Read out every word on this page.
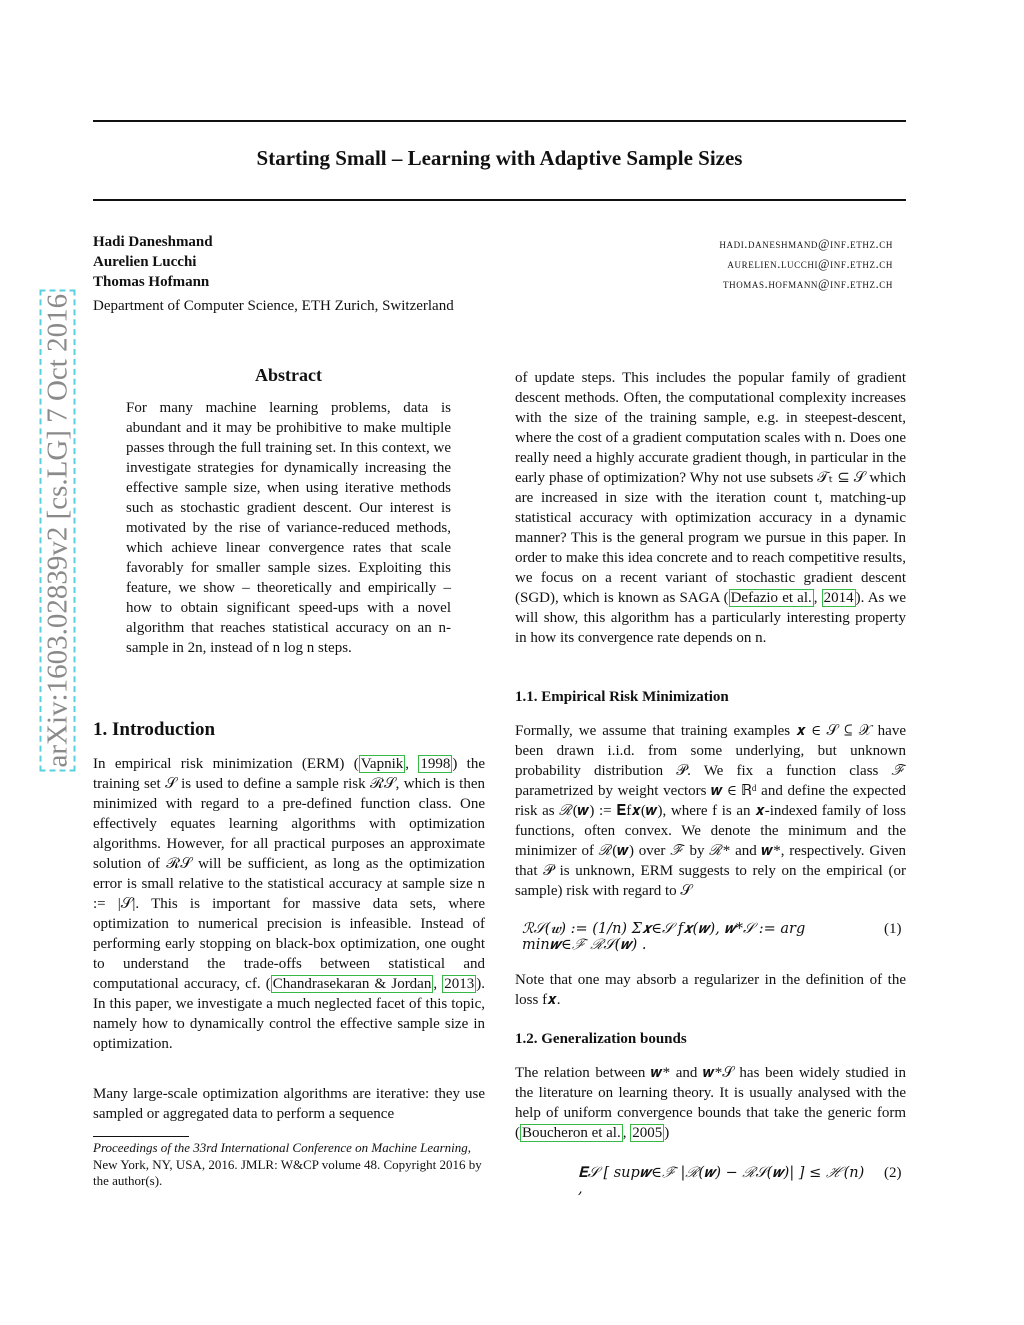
Starting Small – Learning with Adaptive Sample Sizes
Hadi Daneshmand	hadi.daneshmand@inf.ethz.ch
Aurelien Lucchi	aurelien.lucchi@inf.ethz.ch
Thomas Hofmann	thomas.hofmann@inf.ethz.ch
Department of Computer Science, ETH Zurich, Switzerland
arXiv:1603.02839v2 [cs.LG] 7 Oct 2016	Abstract
For many machine learning problems, data is abundant and it may be prohibitive to make multiple passes through the full training set. In this context, we investigate strategies for dynamically increasing the effective sample size, when using iterative methods such as stochastic gradient descent. Our interest is motivated by the rise of variance-reduced methods, which achieve linear convergence rates that scale favorably for smaller sample sizes. Exploiting this feature, we show – theoretically and empirically – how to obtain significant speed-ups with a novel algorithm that reaches statistical accuracy on an n-sample in 2n, instead of n log n steps.
1. Introduction
In empirical risk minimization (ERM) ( Vapnik , 1998 ) the training set 𝒮 is used to define a sample risk ℛ𝒮, which is then minimized with regard to a pre-defined function class. One effectively equates learning algorithms with optimization algorithms. However, for all practical purposes an approximate solution of ℛ𝒮 will be sufficient, as long as the optimization error is small relative to the statistical accuracy at sample size n := |𝒮|. This is important for massive data sets, where optimization to numerical precision is infeasible. Instead of performing early stopping on black-box optimization, one ought to understand the trade-offs between statistical and computational accuracy, cf. ( Chandrasekaran & Jordan , 2013 ). In this paper, we investigate a much neglected facet of this topic, namely how to dynamically control the effective sample size in optimization.
Many large-scale optimization algorithms are iterative: they use sampled or aggregated data to perform a sequence
Proceedings of the 33rd International Conference on Machine Learning, New York, NY, USA, 2016. JMLR: W&CP volume 48. Copyright 2016 by the author(s).
of update steps. This includes the popular family of gradient descent methods. Often, the computational complexity increases with the size of the training sample, e.g. in steepest-descent, where the cost of a gradient computation scales with n. Does one really need a highly accurate gradient though, in particular in the early phase of optimization? Why not use subsets 𝒯ₜ ⊆ 𝒮 which are increased in size with the iteration count t, matching-up statistical accuracy with optimization accuracy in a dynamic manner? This is the general program we pursue in this paper. In order to make this idea concrete and to reach competitive results, we focus on a recent variant of stochastic gradient descent (SGD), which is known as SAGA ( Defazio et al. , 2014 ). As we will show, this algorithm has a particularly interesting property in how its convergence rate depends on n.
1.1. Empirical Risk Minimization
Formally, we assume that training examples 𝒙 ∈ 𝒮 ⊆ 𝒳 have been drawn i.i.d. from some underlying, but unknown probability distribution 𝒫. We fix a function class ℱ parametrized by weight vectors 𝒘 ∈ ℝᵈ and define the expected risk as ℛ(𝒘) := 𝐄f𝒙(𝒘), where f is an 𝒙-indexed family of loss functions, often convex. We denote the minimum and the minimizer of ℛ(𝒘) over ℱ by ℛ* and 𝒘*, respectively. Given that 𝒫 is unknown, ERM suggests to rely on the empirical (or sample) risk with regard to 𝒮
ℛ𝒮(𝒘) := (1/n) Σ𝒙∈𝒮 f𝒙(𝒘), 𝒘*𝒮 := arg min𝒘∈ℱ ℛ𝒮(𝒘) .
(1)
Note that one may absorb a regularizer in the definition of the loss f𝒙.
1.2. Generalization bounds
The relation between 𝒘* and 𝒘*𝒮 has been widely studied in the literature on learning theory. It is usually analysed with the help of uniform convergence bounds that take the generic form ( Boucheron et al. , 2005 )
𝐄𝒮 [ sup𝒘∈ℱ |ℛ(𝒘) − ℛ𝒮(𝒘)| ] ≤ ℋ(n) ,
(2)
